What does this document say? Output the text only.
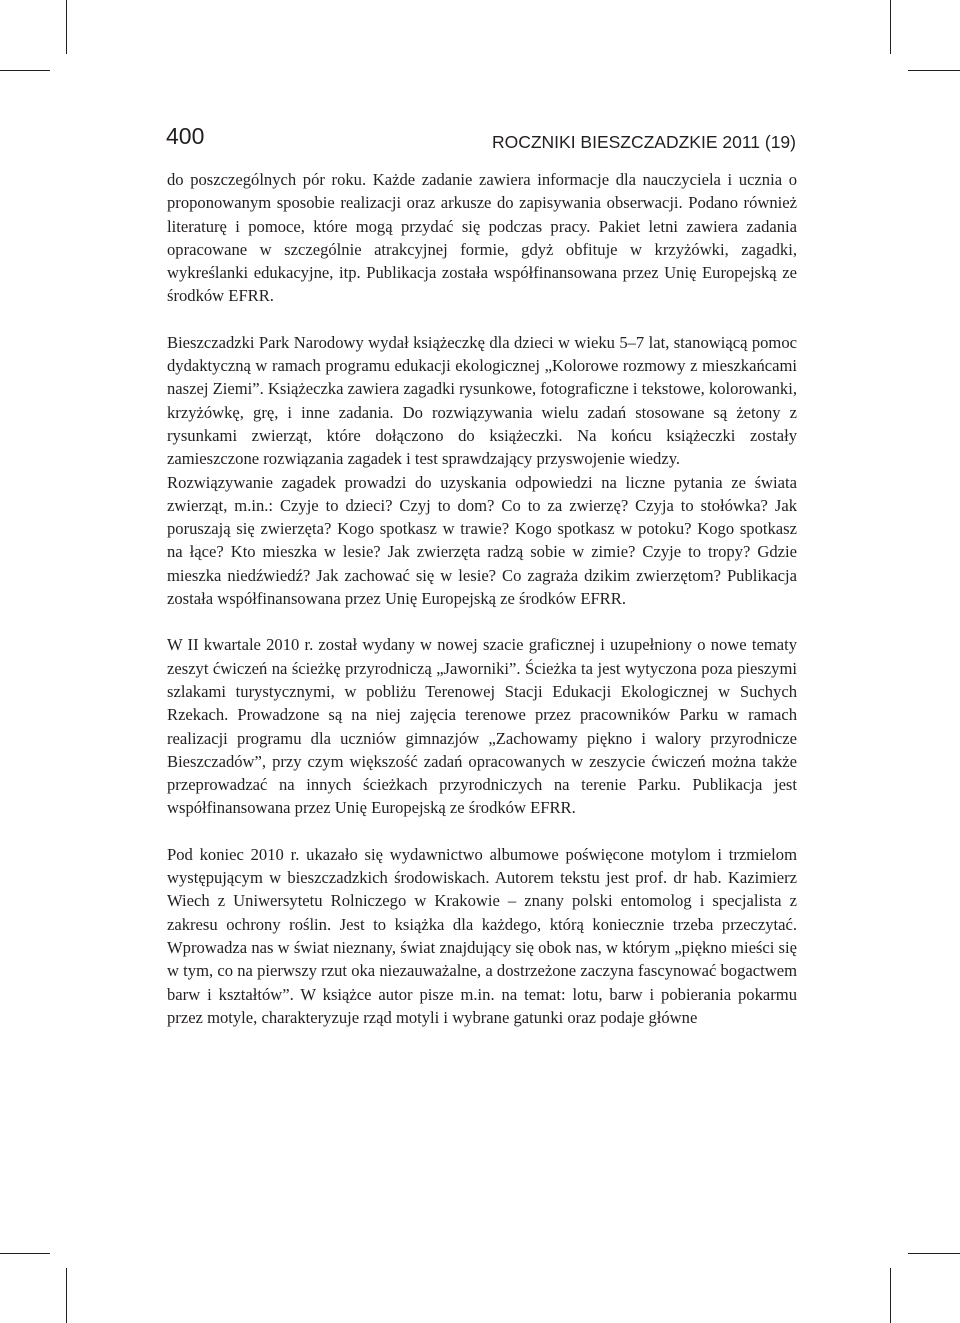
400	ROCZNIKI BIESZCZADZKIE 2011 (19)

do poszczególnych pór roku. Każde zadanie zawiera informacje dla nauczyciela i ucznia o proponowanym sposobie realizacji oraz arkusze do zapisywania obserwacji. Podano również literaturę i pomoce, które mogą przydać się podczas pracy. Pakiet letni zawiera zadania opracowane w szczególnie atrakcyjnej formie, gdyż obfituje w krzyżówki, zagadki, wykreślanki edukacyjne, itp. Publikacja została współfinansowana przez Unię Europejską ze środków EFRR.

Bieszczadzki Park Narodowy wydał książeczkę dla dzieci w wieku 5–7 lat, stanowiącą pomoc dydaktyczną w ramach programu edukacji ekologicznej „Kolorowe rozmowy z mieszkańcami naszej Ziemi”. Książeczka zawiera zagadki rysunkowe, fotograficzne i tekstowe, kolorowanki, krzyżówkę, grę, i inne zadania. Do rozwiązywania wielu zadań stosowane są żetony z rysunkami zwierząt, które dołączono do książeczki. Na końcu książeczki zostały zamieszczone rozwiązania zagadek i test sprawdzający przyswojenie wiedzy.

Rozwiązywanie zagadek prowadzi do uzyskania odpowiedzi na liczne pytania ze świata zwierząt, m.in.: Czyje to dzieci? Czyj to dom? Co to za zwierzę? Czyja to stołówka? Jak poruszają się zwierzęta? Kogo spotkasz w trawie? Kogo spotkasz w potoku? Kogo spotkasz na łące? Kto mieszka w lesie? Jak zwierzęta radzą sobie w zimie? Czyje to tropy? Gdzie mieszka niedźwiedź? Jak zachować się w lesie? Co zagraża dzikim zwierzętom? Publikacja została współfinansowana przez Unię Europejską ze środków EFRR.

W II kwartale 2010 r. został wydany w nowej szacie graficznej i uzupełniony o nowe tematy zeszyt ćwiczeń na ścieżkę przyrodniczą „Jaworniki”. Ścieżka ta jest wytyczona poza pieszymi szlakami turystycznymi, w pobliżu Terenowej Stacji Edukacji Ekologicznej w Suchych Rzekach. Prowadzone są na niej zajęcia terenowe przez pracowników Parku w ramach realizacji programu dla uczniów gimnazjów „Zachowamy piękno i walory przyrodnicze Bieszczadów”, przy czym większość zadań opracowanych w zeszycie ćwiczeń można także przeprowadzać na innych ścieżkach przyrodniczych na terenie Parku. Publikacja jest współfinansowana przez Unię Europejską ze środków EFRR.

Pod koniec 2010 r. ukazało się wydawnictwo albumowe poświęcone motylom i trzmielom występującym w bieszczadzkich środowiskach. Autorem tekstu jest prof. dr hab. Kazimierz Wiech z Uniwersytetu Rolniczego w Krakowie – znany polski entomolog i specjalista z zakresu ochrony roślin. Jest to książka dla każdego, którą koniecznie trzeba przeczytać. Wprowadza nas w świat nieznany, świat znajdujący się obok nas, w którym „piękno mieści się w tym, co na pierwszy rzut oka niezauważalne, a dostrzeżone zaczyna fascynować bogactwem barw i kształtów”. W książce autor pisze m.in. na temat: lotu, barw i pobierania pokarmu przez motyle, charakteryzuje rząd motyli i wybrane gatunki oraz podaje główne
